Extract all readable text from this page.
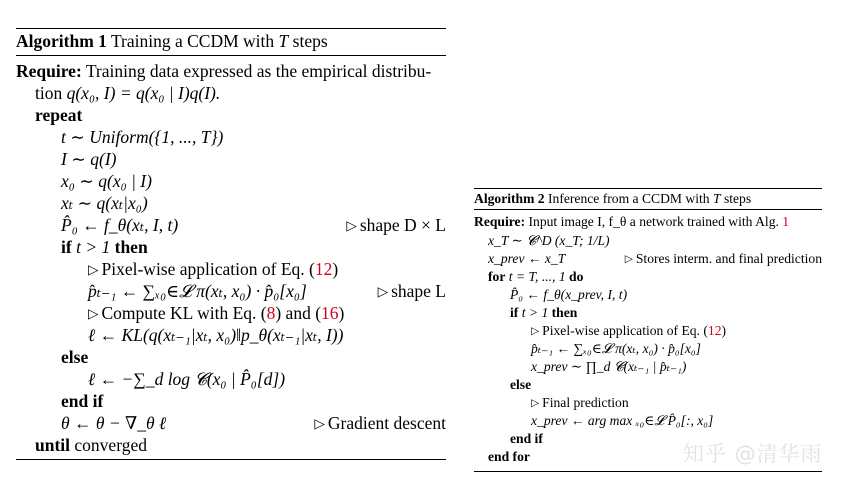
Algorithm 1 Training a CCDM with T steps
Require: Training data expressed as the empirical distribu-
tion q(x₀, I) = q(x₀ | I)q(I).
repeat
t ∼ Uniform({1, ..., T})
I ∼ q(I)
x₀ ∼ q(x₀ | I)
xₜ ∼ q(xₜ|x₀)
P̂₀ ← f_θ(xₜ, I, t)	▷ shape D × L
if t > 1 then
▷ Pixel-wise application of Eq. (12)
p̂ₜ₋₁ ← ∑ₓ₀∈𝓛 π(xₜ, x₀) · p̂₀[x₀]	▷ shape L
▷ Compute KL with Eq. (8) and (16)
ℓ ← KL(q(xₜ₋₁|xₜ, x₀)‖p_θ(xₜ₋₁|xₜ, I))
else
ℓ ← −∑_d log 𝓒(x₀ | P̂₀[d])
end if
θ ← θ − ∇_θ ℓ	▷ Gradient descent
until converged
Algorithm 2 Inference from a CCDM with T steps
Require: Input image I, f_θ a network trained with Alg. 1
x_T ∼ 𝓒^D (x_T; 1/L)
x_prev ← x_T	▷ Stores interm. and final prediction
for t = T, ..., 1 do
P̂₀ ← f_θ(x_prev, I, t)
if t > 1 then
▷ Pixel-wise application of Eq. (12)
p̂ₜ₋₁ ← ∑ₓ₀∈𝓛 π(xₜ, x₀) · p̂₀[x₀]
x_prev ∼ ∏_d 𝓒(xₜ₋₁ | p̂ₜ₋₁)
else
▷ Final prediction
x_prev ← arg max ₓ₀∈𝓛 P̂₀[:, x₀]
end if
end for	知乎 @清华雨
